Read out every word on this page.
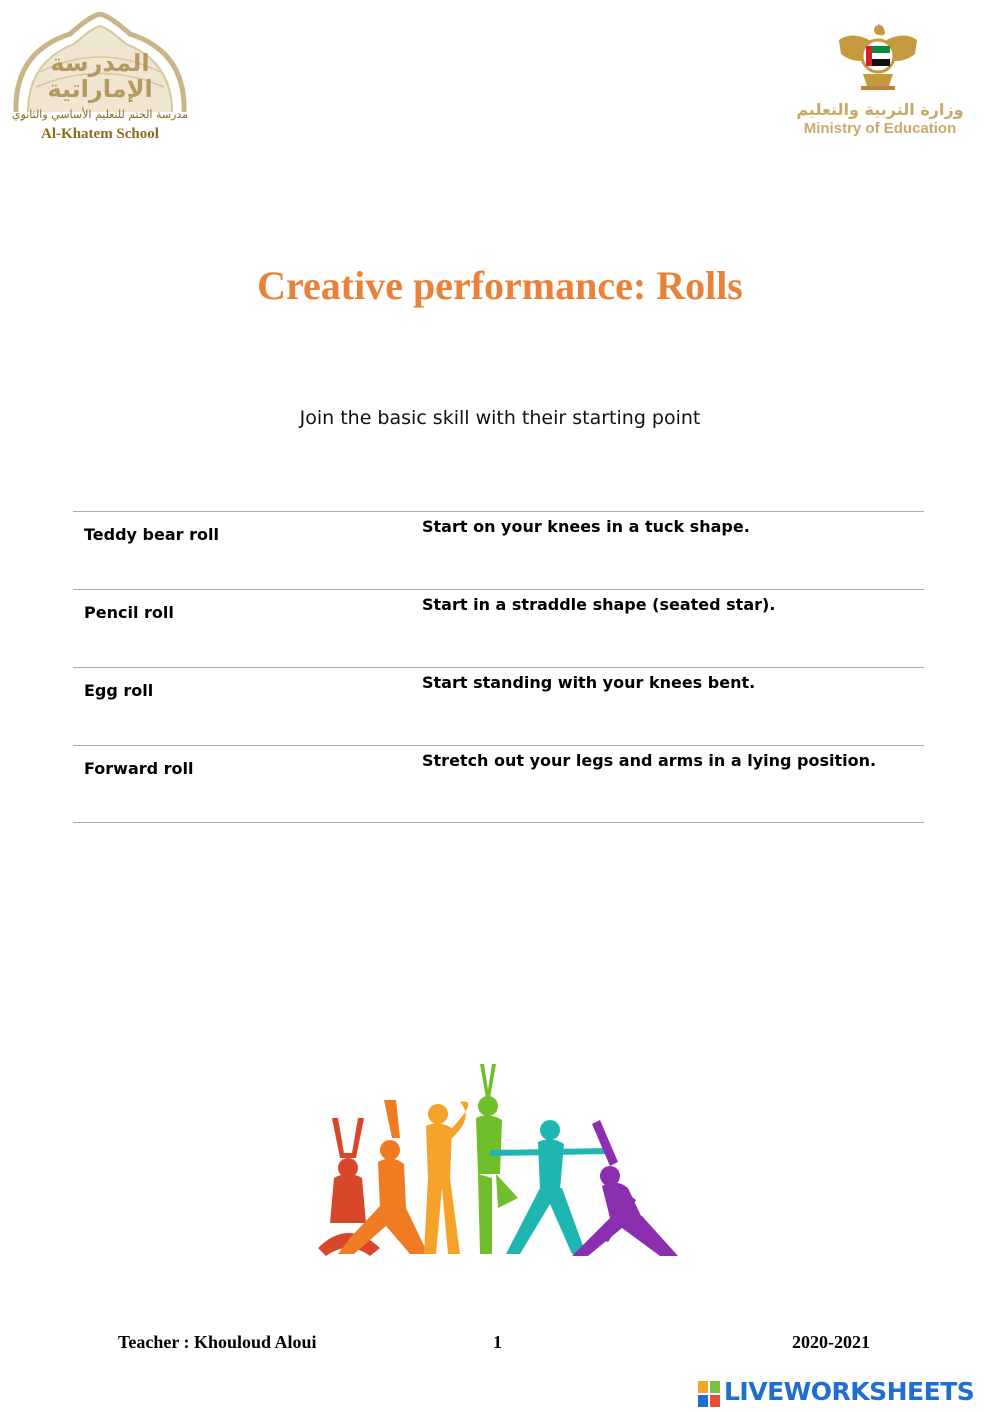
المدرسة الإماراتية
مدرسة الختم للتعليم الأساسي والثانوي
Al-Khatem School
وزارة التربية والتعليم
Ministry of Education
Creative performance: Rolls
Join the basic skill with their starting point
Teddy bear roll	Start on your knees in a tuck shape.
Pencil roll	Start in a straddle shape (seated star).
Egg roll	Start standing with your knees bent.
Forward roll	Stretch out your legs and arms in a lying position.
Teacher : Khouloud Aloui	1	2020-2021
LIVEWORKSHEETS
